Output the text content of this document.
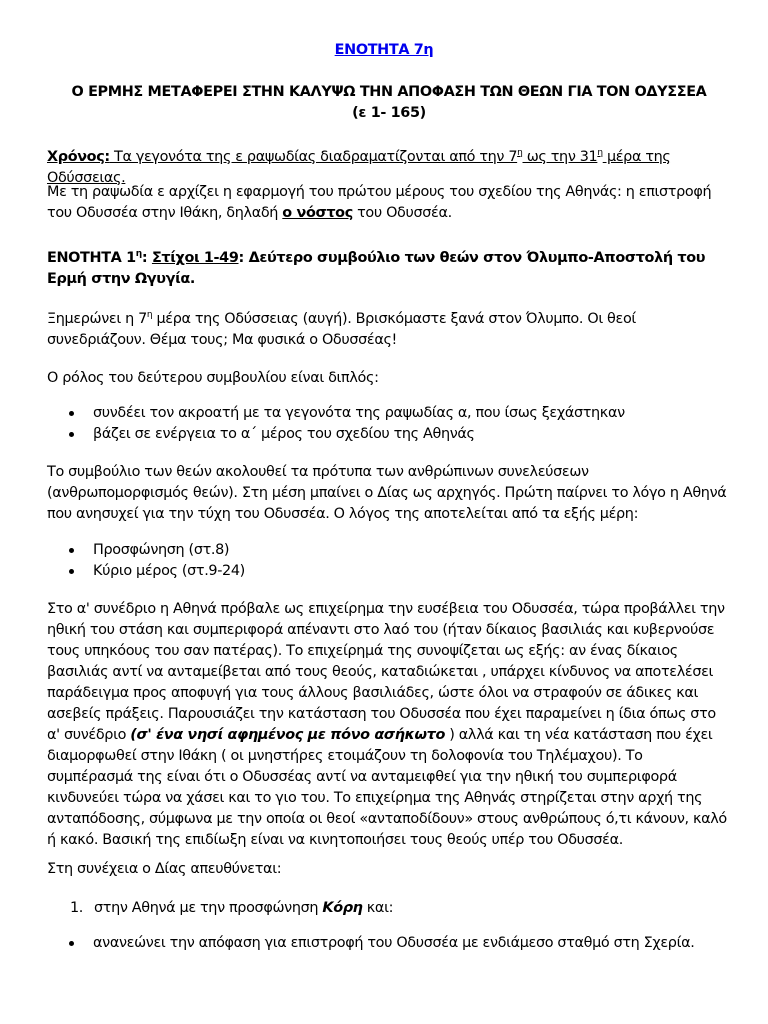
ΕΝΟΤΗΤΑ 7η

Ο ΕΡΜΗΣ ΜΕΤΑΦΕΡΕΙ ΣΤΗΝ ΚΑΛΥΨΩ ΤΗΝ ΑΠΟΦΑΣΗ ΤΩΝ ΘΕΩΝ ΓΙΑ ΤΟΝ ΟΔΥΣΣΕΑ (ε 1- 165)

Χρόνος: Τα γεγονότα της ε ραψωδίας διαδραματίζονται από την $7^\eta$ ως την $31^\eta$ μέρα της Οδύσσειας.

Με τη ραψωδία ε αρχίζει η εφαρμογή του πρώτου μέρους του σχεδίου της Αθηνάς: η επιστροφή του Οδυσσέα στην Ιθάκη, δηλαδή ο νόστος του Οδυσσέα.

ΕΝΟΤΗΤΑ $1^\eta$: Στίχοι 1-49: Δεύτερο συμβούλιο των θεών στον Όλυμπο-Αποστολή του Ερμή στην Ωγυγία.

Ξημερώνει η $7^\eta$ μέρα της Οδύσσειας (αυγή). Βρισκόμαστε ξανά στον Όλυμπο. Οι θεοί συνεδριάζουν. Θέμα τους; Μα φυσικά ο Οδυσσέας!

Ο ρόλος του δεύτερου συμβουλίου είναι διπλός:

συνδέει τον ακροατή με τα γεγονότα της ραψωδίας α, που ίσως ξεχάστηκαν
βάζει σε ενέργεια το α΄ μέρος του σχεδίου της Αθηνάς

Το συμβούλιο των θεών ακολουθεί τα πρότυπα των ανθρώπινων συνελεύσεων (ανθρωπομορφισμός θεών). Στη μέση μπαίνει ο Δίας ως αρχηγός. Πρώτη παίρνει το λόγο η Αθηνά που ανησυχεί για την τύχη του Οδυσσέα. Ο λόγος της αποτελείται από τα εξής μέρη:

Προσφώνηση (στ.8)
Κύριο μέρος (στ.9-24)

Στο α' συνέδριο η Αθηνά πρόβαλε ως επιχείρημα την ευσέβεια του Οδυσσέα, τώρα προβάλλει την ηθική του στάση και συμπεριφορά απέναντι στο λαό του (ήταν δίκαιος βασιλιάς και κυβερνούσε τους υπηκόους του σαν πατέρας). Το επιχείρημά της συνοψίζεται ως εξής: αν ένας δίκαιος βασιλιάς αντί να ανταμείβεται από τους θεούς, καταδιώκεται , υπάρχει κίνδυνος να αποτελέσει παράδειγμα προς αποφυγή για τους άλλους βασιλιάδες, ώστε όλοι να στραφούν σε άδικες και ασεβείς πράξεις. Παρουσιάζει την κατάσταση του Οδυσσέα που έχει παραμείνει η ίδια όπως στο α' συνέδριο (σ' ένα νησί αφημένος με πόνο ασήκωτο ) αλλά και τη νέα κατάσταση που έχει διαμορφωθεί στην Ιθάκη ( οι μνηστήρες ετοιμάζουν τη δολοφονία του Τηλέμαχου). Το συμπέρασμά της είναι ότι ο Οδυσσέας αντί να ανταμειφθεί για την ηθική του συμπεριφορά κινδυνεύει τώρα να χάσει και το γιο του. Το επιχείρημα της Αθηνάς στηρίζεται στην αρχή της ανταπόδοσης, σύμφωνα με την οποία οι θεοί «ανταποδίδουν» στους ανθρώπους ό,τι κάνουν, καλό ή κακό. Βασική της επιδίωξη είναι να κινητοποιήσει τους θεούς υπέρ του Οδυσσέα.

Στη συνέχεια ο Δίας απευθύνεται:

1. στην Αθηνά με την προσφώνηση Κόρη και:
ανανεώνει την απόφαση για επιστροφή του Οδυσσέα με ενδιάμεσο σταθμό στη Σχερία.
